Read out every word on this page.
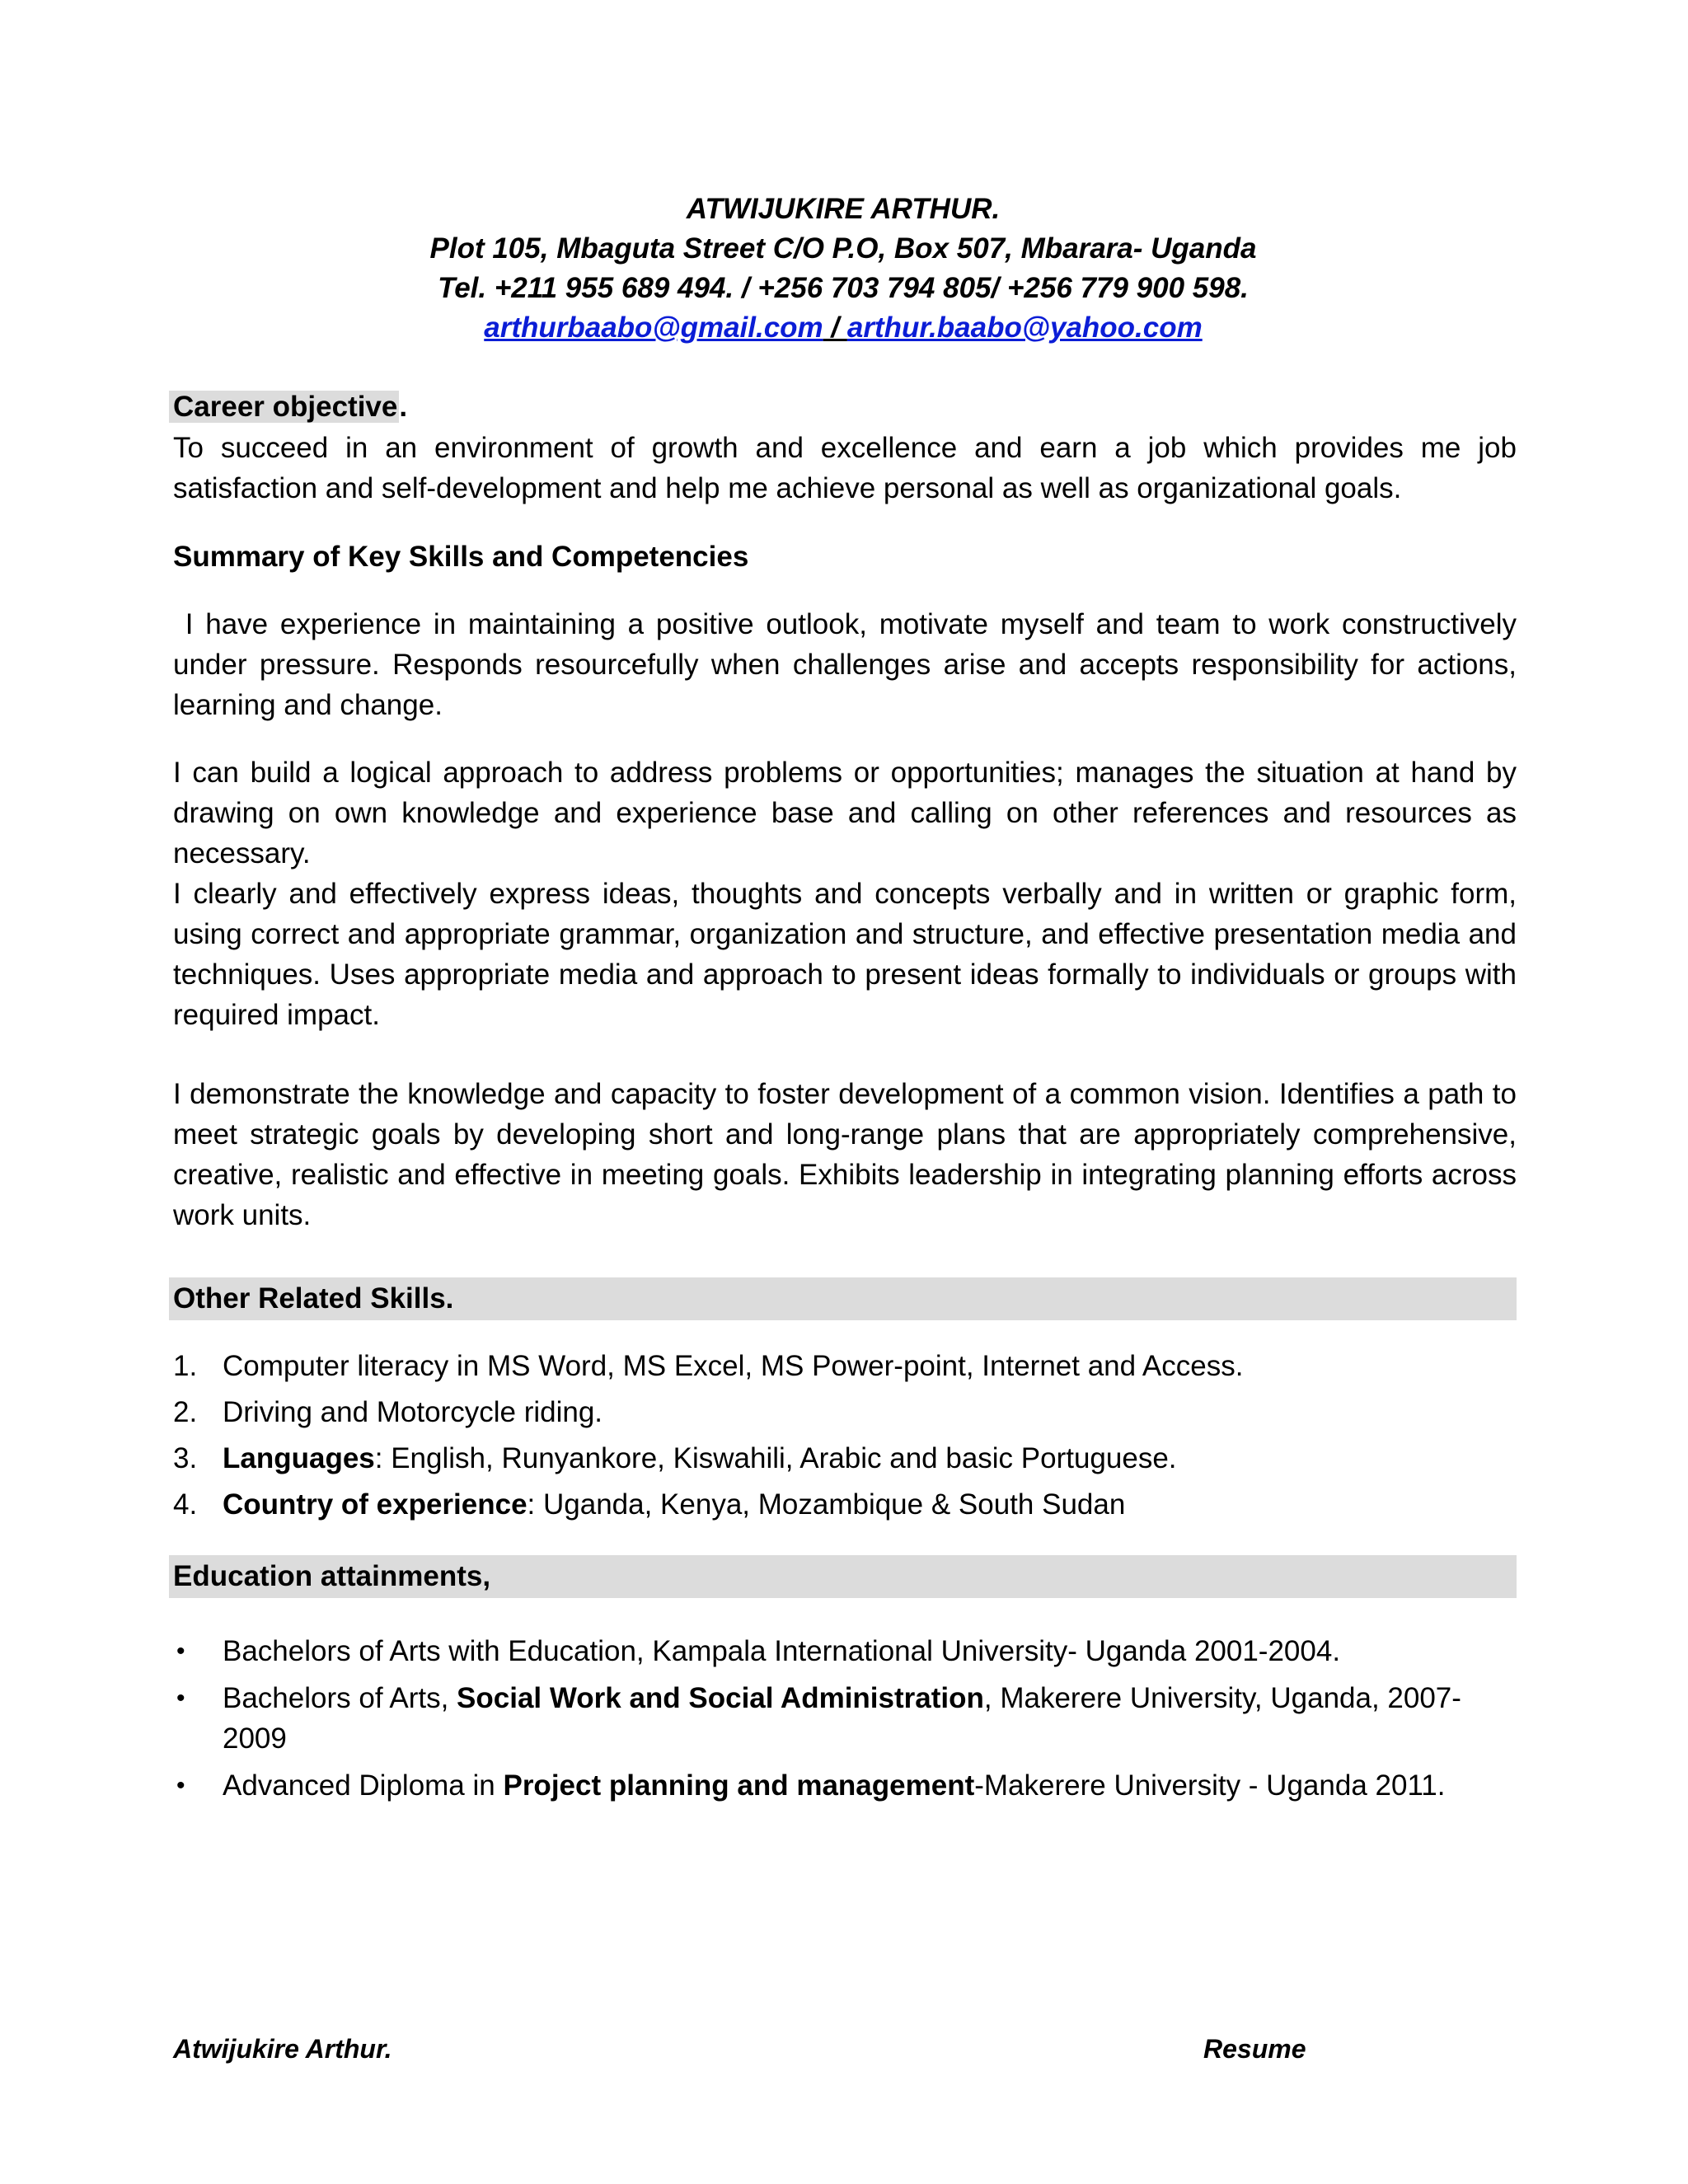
ATWIJUKIRE ARTHUR.
Plot 105, Mbaguta Street C/O P.O, Box 507, Mbarara- Uganda
Tel. +211 955 689 494. / +256 703 794 805/ +256 779 900 598.
arthurbaabo@gmail.com / arthur.baabo@yahoo.com
Career objective.

To succeed in an environment of growth and excellence and earn a job which provides me job satisfaction and self-development and help me achieve personal as well as organizational goals.

Summary of Key Skills and Competencies

I have experience in maintaining a positive outlook, motivate myself and team to work constructively under pressure. Responds resourcefully when challenges arise and accepts responsibility for actions, learning and change.

I can build a logical approach to address problems or opportunities; manages the situation at hand by drawing on own knowledge and experience base and calling on other references and resources as necessary.

I clearly and effectively express ideas, thoughts and concepts verbally and in written or graphic form, using correct and appropriate grammar, organization and structure, and effective presentation media and techniques. Uses appropriate media and approach to present ideas formally to individuals or groups with required impact.

I demonstrate the knowledge and capacity to foster development of a common vision. Identifies a path to meet strategic goals by developing short and long-range plans that are appropriately comprehensive, creative, realistic and effective in meeting goals. Exhibits leadership in integrating planning efforts across work units.

Other Related Skills.
1. Computer literacy in MS Word, MS Excel, MS Power-point, Internet and Access.
2. Driving and Motorcycle riding.
3. Languages: English, Runyankore, Kiswahili, Arabic and basic Portuguese.
4. Country of experience: Uganda, Kenya, Mozambique & South Sudan
Education attainments,
• Bachelors of Arts with Education, Kampala International University- Uganda 2001-2004.
• Bachelors of Arts, Social Work and Social Administration, Makerere University, Uganda, 2007-2009
• Advanced Diploma in Project planning and management-Makerere University - Uganda 2011.
Atwijukire Arthur.	Resume
